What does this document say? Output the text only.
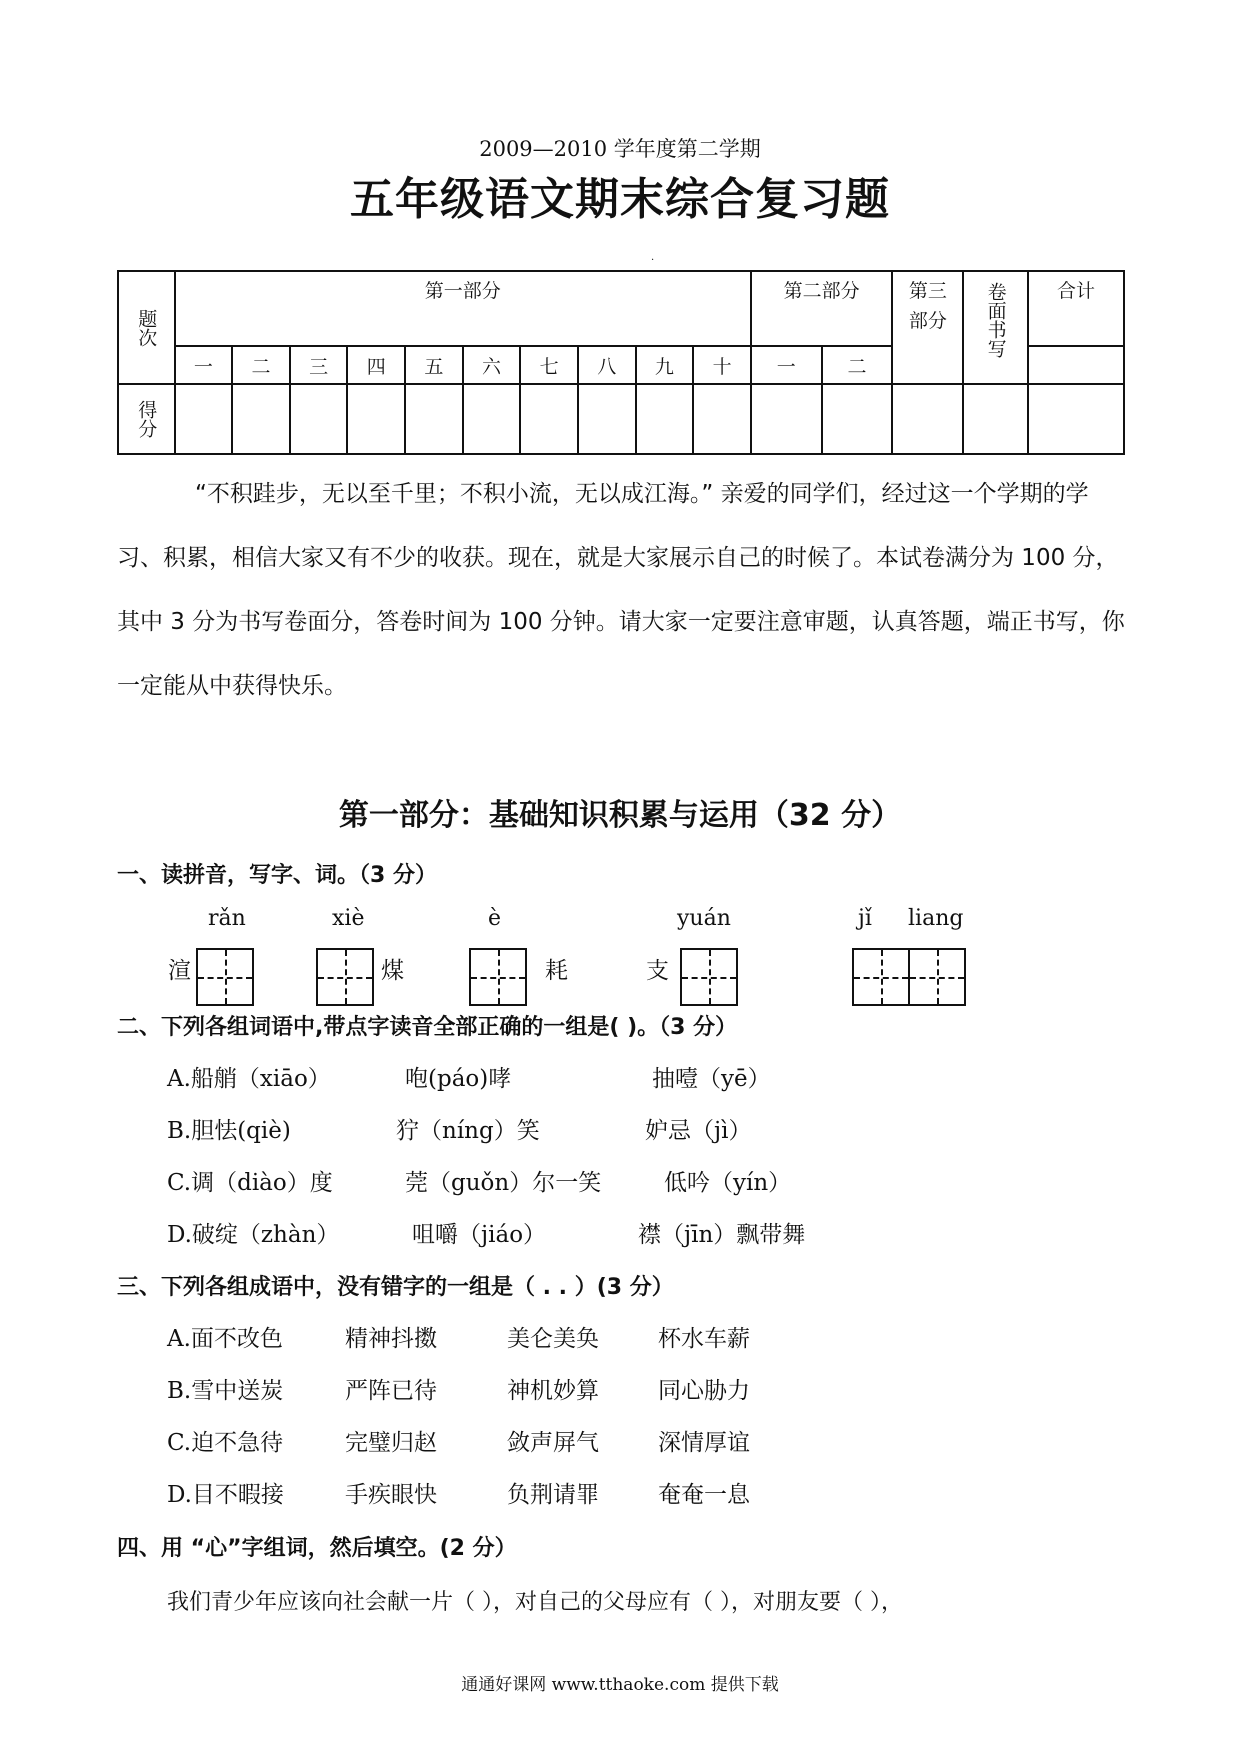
2009—2010 学年度第二学期
五年级语文期末综合复习题
.
题次	第一部分										第二部分		第三部分	卷面书写	合计
	一	二	三	四	五	六	七	八	九	十	一	二			

得分															

“不积跬步，无以至千里；不积小流，无以成江海。” 亲爱的同学们，经过这一个学期的学习、积累，相信大家又有不少的收获。现在，就是大家展示自己的时候了。本试卷满分为 100 分，其中 3 分为书写卷面分，答卷时间为 100 分钟。请大家一定要注意审题，认真答题，端正书写，你一定能从中获得快乐。

第一部分：基础知识积累与运用（32 分）
一、读拼音，写字、词。（3 分）
rǎn	xiè	è	yuán	jǐ liang
渲	煤	耗	支
二、下列各组词语中,带点字读音全部正确的一组是( )。（3 分）
A.船艄（xiāo）	咆(páo)哮	抽噎（yē）
B.胆怯(qiè)	狞（níng）笑	妒忌（jì）
C.调（diào）度	莞（guǒn）尔一笑	低吟（yín）
D.破绽（zhàn）	咀嚼（jiáo）	襟（jīn）飘带舞
三、下列各组成语中，没有错字的一组是（ . . ）(3 分）
A.面不改色	精神抖擞	美仑美奂	杯水车薪
B.雪中送炭	严阵已待	神机妙算	同心胁力
C.迫不急待	完璧归赵	敛声屏气	深情厚谊
D.目不暇接	手疾眼快	负荆请罪	奄奄一息
四、用 “心”字组词，然后填空。(2 分）
我们青少年应该向社会献一片（ ），对自己的父母应有（ ），对朋友要（ ），
通通好课网 www.tthaoke.com 提供下载
